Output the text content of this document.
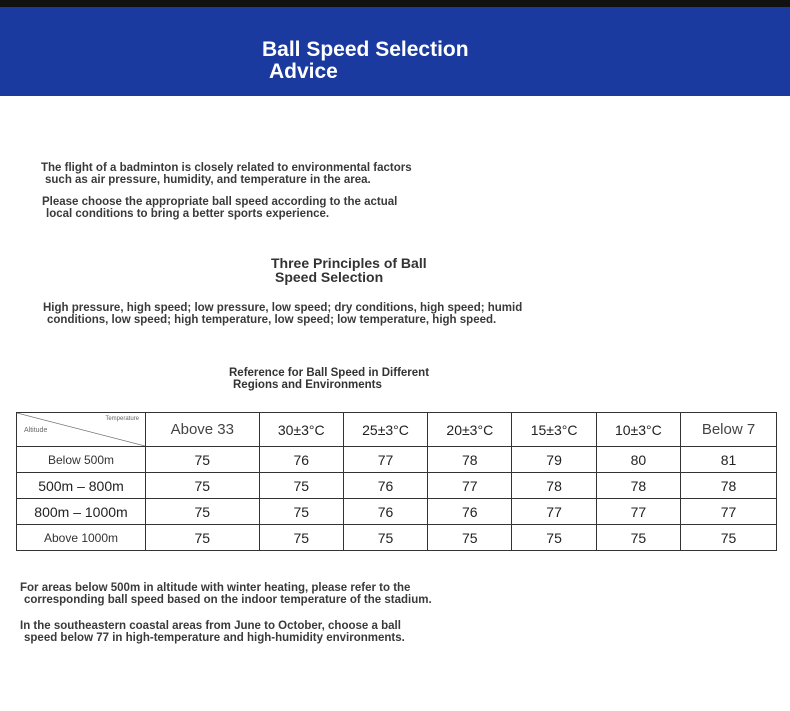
Ball Speed Selection
Advice
The flight of a badminton is closely related to environmental factors
such as air pressure, humidity, and temperature in the area.
Please choose the appropriate ball speed according to the actual
local conditions to bring a better sports experience.
Three Principles of Ball
Speed Selection
High pressure, high speed; low pressure, low speed; dry conditions, high speed; humid
conditions, low speed; high temperature, low speed; low temperature, high speed.
Reference for Ball Speed in Different
Regions and Environments
Temperature
Altitude	Above 33	30±3°C	25±3°C	20±3°C	15±3°C	10±3°C	Below 7
Below 500m	75	76	77	78	79	80	81
500m – 800m	75	75	76	77	78	78	78
800m – 1000m	75	75	76	76	77	77	77
Above 1000m	75	75	75	75	75	75	75
For areas below 500m in altitude with winter heating, please refer to the
corresponding ball speed based on the indoor temperature of the stadium.
In the southeastern coastal areas from June to October, choose a ball
speed below 77 in high-temperature and high-humidity environments.
